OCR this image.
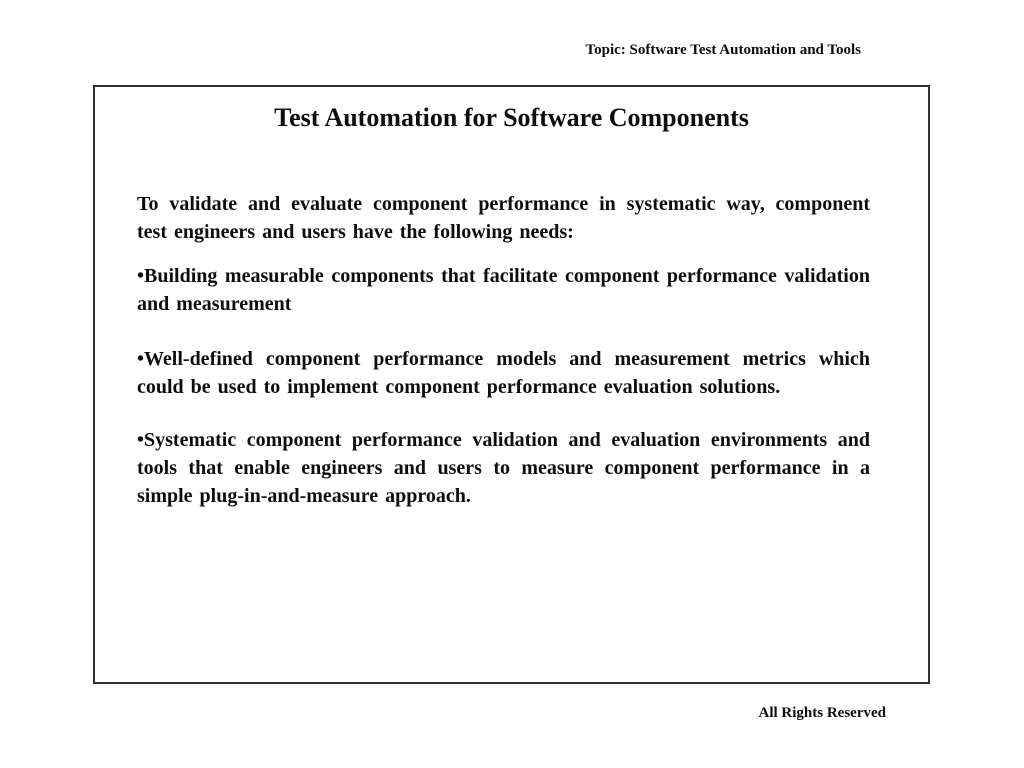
Topic: Software Test Automation and Tools
Test Automation for Software Components

To validate and evaluate component performance in systematic way, component test engineers and users have the following needs:

•Building measurable components that facilitate component performance validation and measurement

•Well-defined component performance models and measurement metrics which could be used to implement component performance evaluation solutions.

•Systematic component performance validation and evaluation environments and tools that enable engineers and users to measure component performance in a simple plug-in-and-measure approach.

All Rights Reserved
